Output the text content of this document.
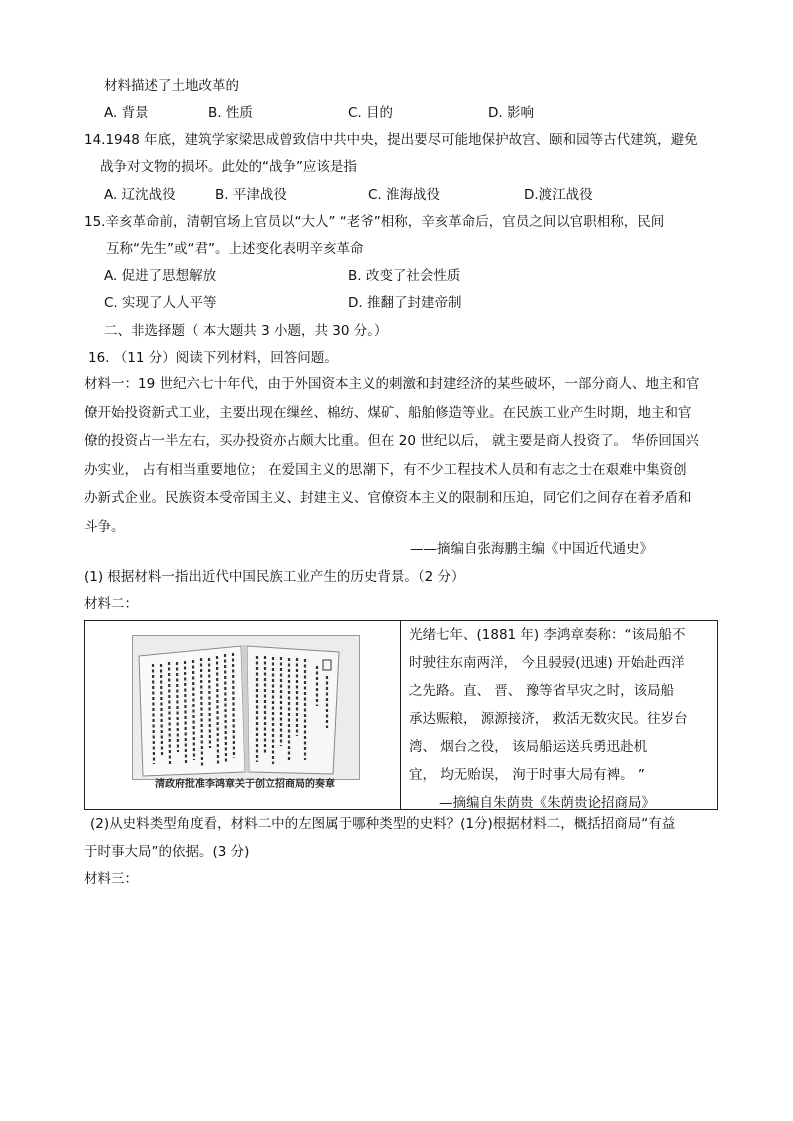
材料描述了土地改革的
A. 背景	B. 性质	C. 目的	D. 影响
14.1948 年底，建筑学家梁思成曾致信中共中央，提出要尽可能地保护故宫、颐和园等古代建筑，避免
战争对文物的损坏。此处的“战争”应该是指
A. 辽沈战役	B. 平津战役	C. 淮海战役	D.渡江战役
15.辛亥革命前，清朝官场上官员以“大人” “老爷”相称，辛亥革命后，官员之间以官职相称，民间
互称“先生”或“君”。上述变化表明辛亥革命
A. 促进了思想解放	B. 改变了社会性质
C. 实现了人人平等	D. 推翻了封建帝制
二、非选择题（ 本大题共 3 小题，共 30 分。）
16. （11 分）阅读下列材料，回答问题。
材料一：19 世纪六七十年代，由于外国资本主义的刺激和封建经济的某些破坏，一部分商人、地主和官
僚开始投资新式工业，主要出现在缫丝、棉纺、煤矿、船舶修造等业。在民族工业产生时期，地主和官
僚的投资占一半左右，买办投资亦占颇大比重。但在 20 世纪以后， 就主要是商人投资了。 华侨回国兴
办实业， 占有相当重要地位； 在爱国主义的思潮下，有不少工程技术人员和有志之士在艰难中集资创
办新式企业。民族资本受帝国主义、封建主义、官僚资本主义的限制和压迫，同它们之间存在着矛盾和
斗争。
——摘编自张海鹏主编《中国近代通史》
(1) 根据材料一指出近代中国民族工业产生的历史背景。（2 分）
材料二：
清政府批准李鸿章关于创立招商局的奏章
光绪七年、(1881 年) 李鸿章奏称：“该局船不
时驶往东南两洋， 今且骎骎(迅速) 开始赴西洋
之先路。直、 晋、 豫等省早灾之时，该局船
承达赈粮， 源源接济， 救活无数灾民。往岁台
湾、 烟台之役， 该局船运送兵勇迅赴机
宜， 均无贻误， 洵于时事大局有裨。 ”
—摘编自朱荫贵《朱荫贵论招商局》
(2)从史料类型角度看，材料二中的左图属于哪种类型的史料？(1分)根据材料二，概括招商局“有益
于时事大局”的依据。(3 分)
材料三：
